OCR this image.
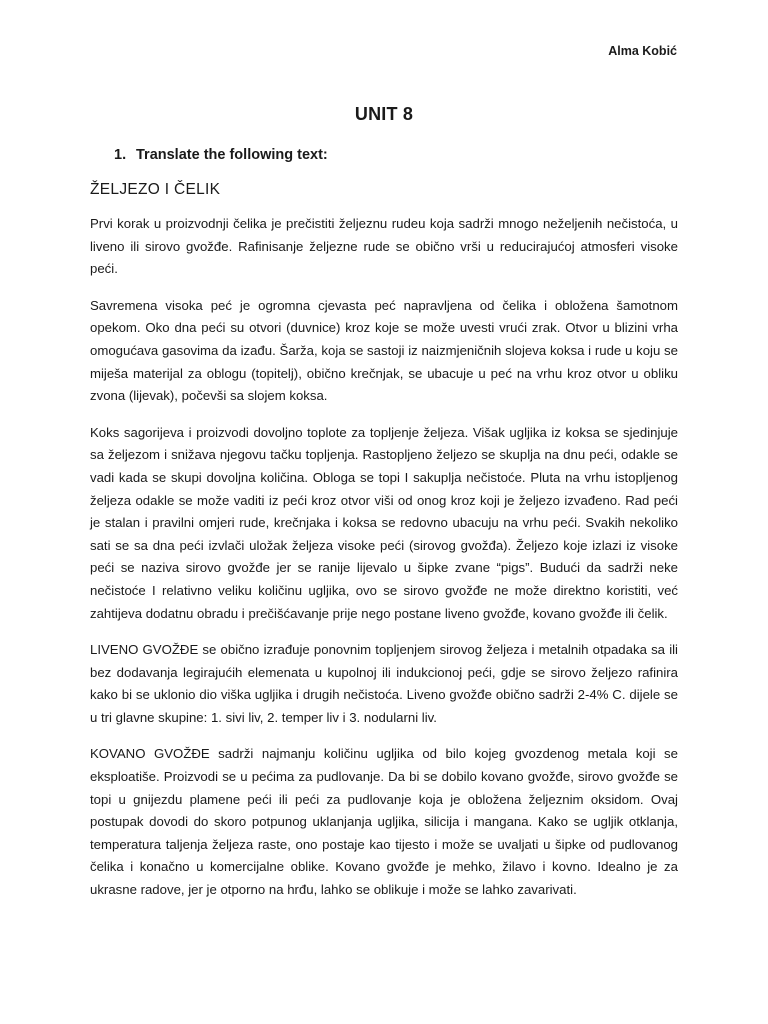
Alma Kobić

UNIT 8

1. Translate the following text:

ŽELJEZO I ČELIK

Prvi korak u proizvodnji čelika je prečistiti željeznu rudeu koja sadrži mnogo neželjenih nečistoća, u liveno ili sirovo gvožđe. Rafinisanje željezne rude se obično vrši u reducirajućoj atmosferi visoke peći.

Savremena visoka peć je ogromna cjevasta peć napravljena od čelika i obložena šamotnom opekom. Oko dna peći su otvori (duvnice) kroz koje se može uvesti vrući zrak. Otvor u blizini vrha omogućava gasovima da izađu. Šarža, koja se sastoji iz naizmjeničnih slojeva koksa i rude u koju se miješa materijal za oblogu (topitelj), obično krečnjak, se ubacuje u peć na vrhu kroz otvor u obliku zvona (lijevak), počevši sa slojem koksa.

Koks sagorijeva i proizvodi dovoljno toplote za topljenje željeza. Višak ugljika iz koksa se sjedinjuje sa željezom i snižava njegovu tačku topljenja. Rastopljeno željezo se skuplja na dnu peći, odakle se vadi kada se skupi dovoljna količina. Obloga se topi I sakuplja nečistoće. Pluta na vrhu istopljenog željeza odakle se može vaditi iz peći kroz otvor viši od onog kroz koji je željezo izvađeno. Rad peći je stalan i pravilni omjeri rude, krečnjaka i koksa se redovno ubacuju na vrhu peći. Svakih nekoliko sati se sa dna peći izvlači uložak željeza visoke peći (sirovog gvožđa). Željezo koje izlazi iz visoke peći se naziva sirovo gvožđe jer se ranije lijevalo u šipke zvane “pigs”. Budući da sadrži neke nečistoće I relativno veliku količinu ugljika, ovo se sirovo gvožđe ne može direktno koristiti, već zahtijeva dodatnu obradu i prečišćavanje prije nego postane liveno gvožđe, kovano gvožđe ili čelik.

LIVENO GVOŽĐE se obično izrađuje ponovnim topljenjem sirovog željeza i metalnih otpadaka sa ili bez dodavanja legirajućih elemenata u kupolnoj ili indukcionoj peći, gdje se sirovo željezo rafinira kako bi se uklonio dio viška ugljika i drugih nečistoća. Liveno gvožđe obično sadrži 2-4% C. dijele se u tri glavne skupine: 1. sivi liv, 2. temper liv i 3. nodularni liv.

KOVANO GVOŽĐE sadrži najmanju količinu ugljika od bilo kojeg gvozdenog metala koji se eksploatiše. Proizvodi se u pećima za pudlovanje. Da bi se dobilo kovano gvožđe, sirovo gvožđe se topi u gnijezdu plamene peći ili peći za pudlovanje koja je obložena željeznim oksidom. Ovaj postupak dovodi do skoro potpunog uklanjanja ugljika, silicija i mangana. Kako se ugljik otklanja, temperatura taljenja željeza raste, ono postaje kao tijesto i može se uvaljati u šipke od pudlovanog čelika i konačno u komercijalne oblike. Kovano gvožđe je mehko, žilavo i kovno. Idealno je za ukrasne radove, jer je otporno na hrđu, lahko se oblikuje i može se lahko zavarivati.
